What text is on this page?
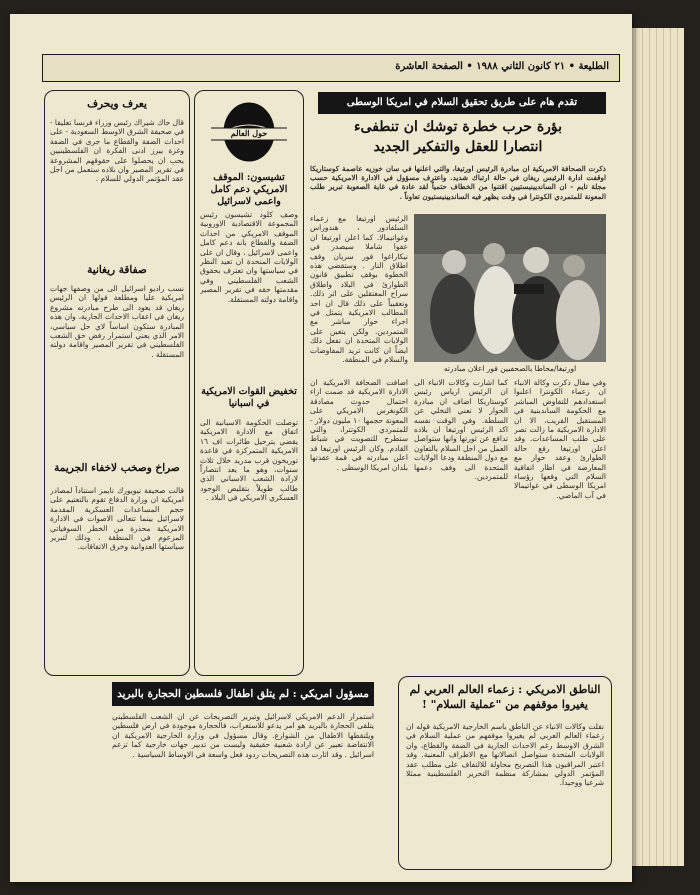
الطليعة • ٢١ كانون الثاني ١٩٨٨ • الصفحة العاشرة
يعرف ويحرف
قال جاك شيراك رئيس وزراء فرنسا تعليقا - في صحيفة الشرق الاوسط السعودية - على احداث الضفة والقطاع ما جرى في الضفة وغزة يبرز ادنى الفكرة ان الفلسطينيين يجب ان يحصلوا على حقوقهم المشروعة في تقرير المصير وان بلاده ستعمل من اجل عقد المؤتمر الدولي للسلام .
صفاقة ريغانية
نسب راديو اسرائيل الى من وصفها جهات امريكية عليا ومطلعة قولها ان الرئيس ريغان قد يعود الى طرح مبادرته مشروع ريغان في اعقاب الاحداث الجارية، وان هذه المبادرة ستكون اساساً لاي حل سياسي، الامر الذي يعني استمرار رفض حق الشعب الفلسطيني في تقرير المصير واقامة دولته المستقلة .
صراخ وصخب لاخفاء الجريمة
قالت صحيفة نيويورك تايمز استناداً لمصادر امريكية ان وزارة الدفاع تقوم بالتعتيم على حجم المساعدات العسكرية المقدمة لاسرائيل بينما تتعالى الاصوات في الادارة الامريكية محذرة من الخطر السوفياتي المزعوم في المنطقة ، وذلك لتبرير سياستها العدوانية وخرق الاتفاقات.
حول العالم
تشيسون: الموقف الامريكي دعم كامل واعمى لاسرائيل
وصف كلود تشيسون رئيس المجموعة الاقتصادية الاوروبية الموقف الامريكي من احداث الضفة والقطاع بانه دعم كامل واعمى لاسرائيل ، وقال ان على الولايات المتحدة ان تعيد النظر في سياستها وان تعترف بحقوق الشعب الفلسطيني وفي مقدمتها حقه في تقرير المصير واقامة دولته المستقلة.
تخفيض القوات الامريكية في اسبانيا
توصلت الحكومة الاسبانية الى اتفاق مع الادارة الامريكية يقضي بترحيل طائرات اف ١٦ الامريكية المتمركزة في قاعدة توريخون قرب مدريد خلال ثلاث سنوات، وهو ما يعد انتصاراً لارادة الشعب الاسباني الذي طالب طويلاً بتقليص الوجود العسكري الامريكي في البلاد .
تقدم هام على طريق تحقيق السلام في امريكا الوسطى
بؤرة حرب خطرة توشك ان تنطفىء
انتصارا للعقل والتفكير الجديد
ذكرت الصحافة الامريكية ان مبادرة الرئيس اورتيغا، والتي اعلنها في سان خوزيه عاصمة كوستاريكا اوقفت ادارة الرئيس ريغان في حالة ارتباك شديد. واعترف مسؤول في الادارة الامريكية حسب مجلة تايم - ان السانديينيستيين اقتنوا من الخطاف حتمياً لقد عادة في غاية الصعوبة تبرير طلب المعونة للمتمردي الكونترا في وقت يظهر فيه السانديينيستيون تعاوناً .
الرئيس اورتيغا مع زعماء السلفادور ، هندوراس وغواتيمالا. كما اعلن اورتيغا ان عفوا شاملا سيصدر في نيكاراغوا فور سريان وقف اطلاق النار . وستقضي هذه الخطوة بوقف تطبيق قانون الطوارئ في البلاد واطلاق سراح المعتقلين على اثر ذلك. وتعقيباً على ذلك قال ان احد المطالب الامريكية يتمثل في اجراء حوار مباشر مع المتمردين. ولكن يتعين على الولايات المتحدة ان تفعل ذلك ايضاً ان كانت تريد المفاوضات والسلام في المنطقة.
اورتيغا/محاطا بالصحفيين فور اعلان مبادرته
اضافت الصحافة الامريكية ان الادارة الامريكية قد ضمت ازاء احتمال حدوث مصادقة الكونغرس الامريكي على المعونة حجمها ١٠ مليون دولار - للمتمردي الكونترا، والتي ستطرح للتصويت في شباط القادم. وكان الرئيس اورتيغا قد اعلن مبادرته في قمة عقدتها بلدان امريكا الوسطى .
كما اشارت وكالات الانباء الى ان الرئيس ارياس رئيس كوستاريكا اضاف ان مبادرة الحوار لا تعني التخلي عن السلطة. وفي الوقت نفسه اكد الرئيس اورتيغا ان بلاده تدافع عن ثورتها وانها ستواصل العمل من اجل السلام بالتعاون مع دول المنطقة ودعا الولايات المتحدة الى وقف دعمها للمتمردين.
وفي مقال ذكرت وكالة الانباء ان زعماء الكونترا اعلنوا استعدادهم للتفاوض المباشر مع الحكومة الساندينية في المستقبل القريب، الا ان الادارة الامريكية ما زالت تصر على طلب المساعدات. وقد اعلن اورتيغا رفع حالة الطوارئ وعقد حوار مع المعارضة في اطار اتفاقية السلام التي وقعها رؤساء امريكا الوسطى في غواتيمالا في آب الماضي.
مسؤول امريكي : لم يتلق اطفال فلسطين الحجارة بالبريد
استمرار الدعم الامريكي لاسرائيل وتبرير التصريحات عن ان الشعب الفلسطيني يتلقى الحجارة بالبريد هو امر يدعو للاستغراب، فالحجارة موجودة في ارض فلسطين ويلتقطها الاطفال من الشوارع. وقال مسؤول في وزارة الخارجية الامريكية ان الانتفاضة تعبير عن ارادة شعبية حقيقية وليست من تدبير جهات خارجية كما تزعم اسرائيل . وقد اثارت هذه التصريحات ردود فعل واسعة في الاوساط السياسية .
الناطق الامريكي : زعماء العالم العربي لم يغيروا موقفهم من "عملية السلام" !
نقلت وكالات الانباء عن الناطق باسم الخارجية الامريكية قوله ان زعماء العالم العربي لم يغيروا موقفهم من عملية السلام في الشرق الاوسط رغم الاحداث الجارية في الضفة والقطاع، وان الولايات المتحدة ستواصل اتصالاتها مع الاطراف المعنية. وقد اعتبر المراقبون هذا التصريح محاولة للالتفاف على مطلب عقد المؤتمر الدولي بمشاركة منظمة التحرير الفلسطينية ممثلا شرعيا ووحيدا.
